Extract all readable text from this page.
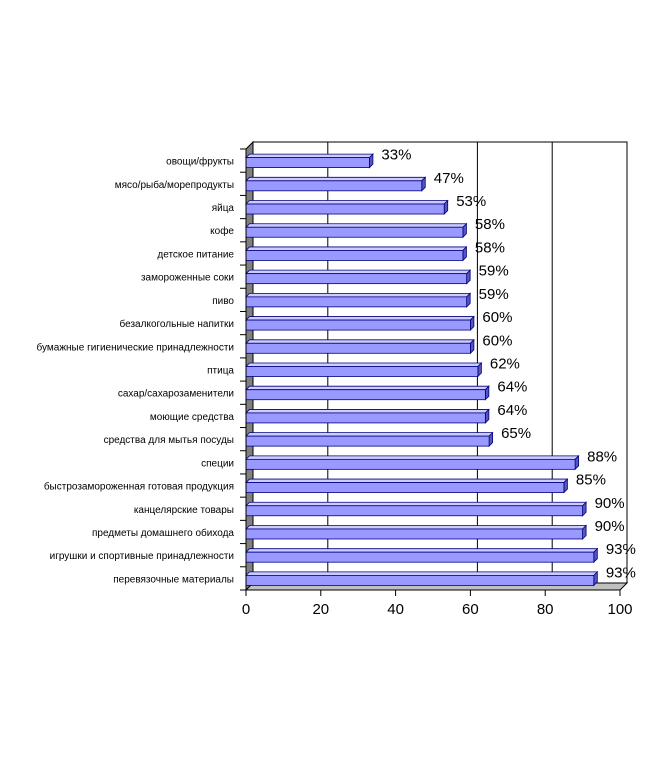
овощи/фрукты
мясо/рыба/морепродукты
яйца
кофе
детское питание
замороженные соки
пиво
безалкогольные напитки
бумажные гигиенические принадлежности
птица
сахар/сахарозаменители
моющие средства
средства для мытья посуды
специи
быстрозамороженная готовая продукция
канцелярские товары
предметы домашнего обихода
игрушки и спортивные принадлежности
перевязочные материалы
33%
47%
53%
58%
58%
59%
59%
60%
60%
62%
64%
64%
65%
88%
85%
90%
90%
93%
93%
0	20	40	60	80	100
